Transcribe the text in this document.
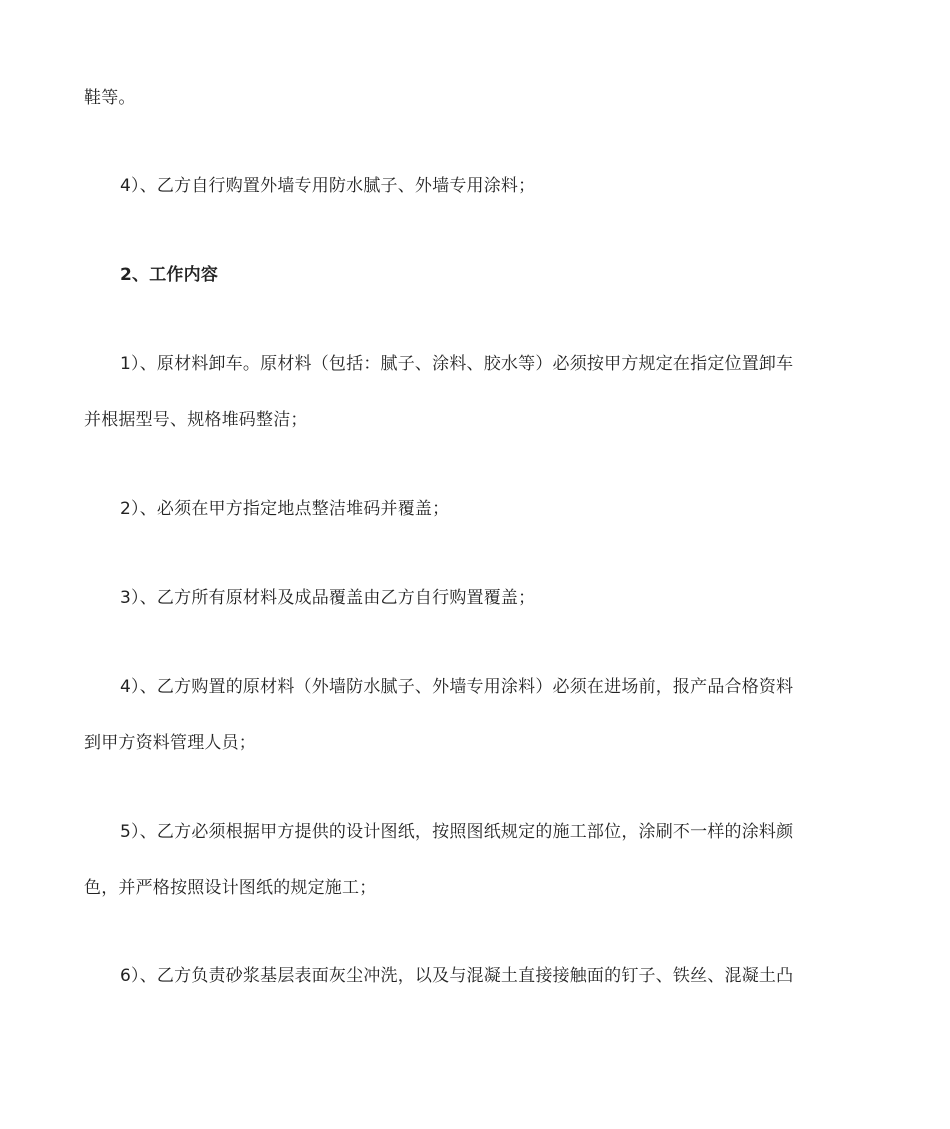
鞋等。
4）、乙方自行购置外墙专用防水腻子、外墙专用涂料；
2、工作内容
1）、原材料卸车。原材料（包括：腻子、涂料、胶水等）必须按甲方规定在指定位置卸车
并根据型号、规格堆码整洁；
2）、必须在甲方指定地点整洁堆码并覆盖；
3）、乙方所有原材料及成品覆盖由乙方自行购置覆盖；
4）、乙方购置的原材料（外墙防水腻子、外墙专用涂料）必须在进场前，报产品合格资料
到甲方资料管理人员；
5）、乙方必须根据甲方提供的设计图纸，按照图纸规定的施工部位，涂刷不一样的涂料颜
色，并严格按照设计图纸的规定施工；
6）、乙方负责砂浆基层表面灰尘冲洗，以及与混凝土直接接触面的钉子、铁丝、混凝土凸
